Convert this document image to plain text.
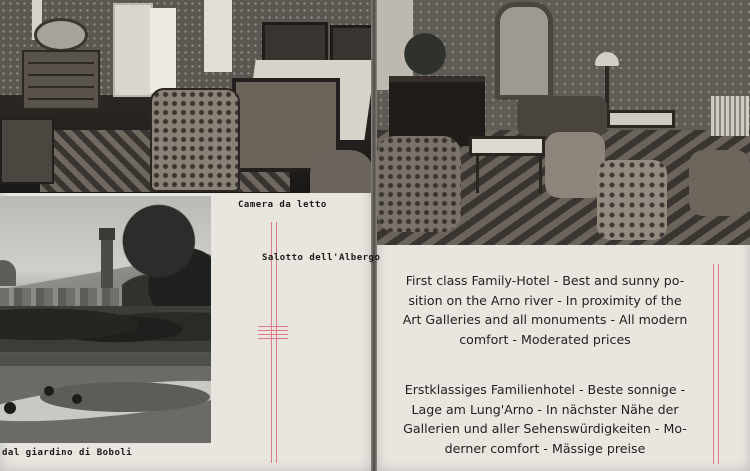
Camera da letto
dal giardino di Boboli
Salotto dell'Albergo
First class Family-Hotel - Best and sunny po-
sition on the Arno river - In proximity of the
Art Galleries and all monuments - All modern
comfort - Moderated prices
Erstklassiges Familienhotel - Beste sonnige -
Lage am Lung'Arno - In nächster Nähe der
Gallerien und aller Sehenswürdigkeiten - Mo-
derner comfort - Mässige preise
